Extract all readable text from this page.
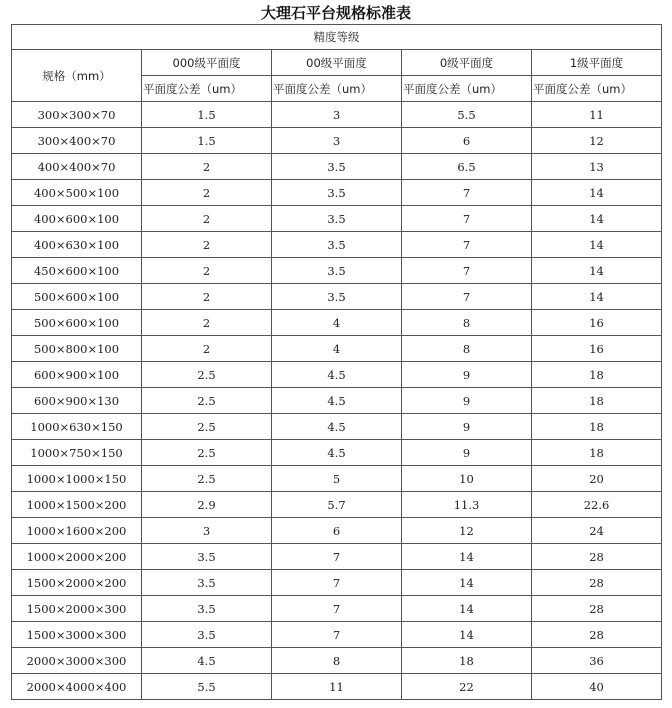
大理石平台规格标准表
精度等级				
规格（mm）	000级平面度	00级平面度	0级平面度	1级平面度
	平面度公差（um）	平面度公差（um）	平面度公差（um）	平面度公差（um）
300×300×70	1.5	3	5.5	11
300×400×70	1.5	3	6	12
400×400×70	2	3.5	6.5	13
400×500×100	2	3.5	7	14
400×600×100	2	3.5	7	14
400×630×100	2	3.5	7	14
450×600×100	2	3.5	7	14
500×600×100	2	3.5	7	14
500×600×100	2	4	8	16
500×800×100	2	4	8	16
600×900×100	2.5	4.5	9	18
600×900×130	2.5	4.5	9	18
1000×630×150	2.5	4.5	9	18
1000×750×150	2.5	4.5	9	18
1000×1000×150	2.5	5	10	20
1000×1500×200	2.9	5.7	11.3	22.6
1000×1600×200	3	6	12	24
1000×2000×200	3.5	7	14	28
1500×2000×200	3.5	7	14	28
1500×2000×300	3.5	7	14	28
1500×3000×300	3.5	7	14	28
2000×3000×300	4.5	8	18	36
2000×4000×400	5.5	11	22	40
